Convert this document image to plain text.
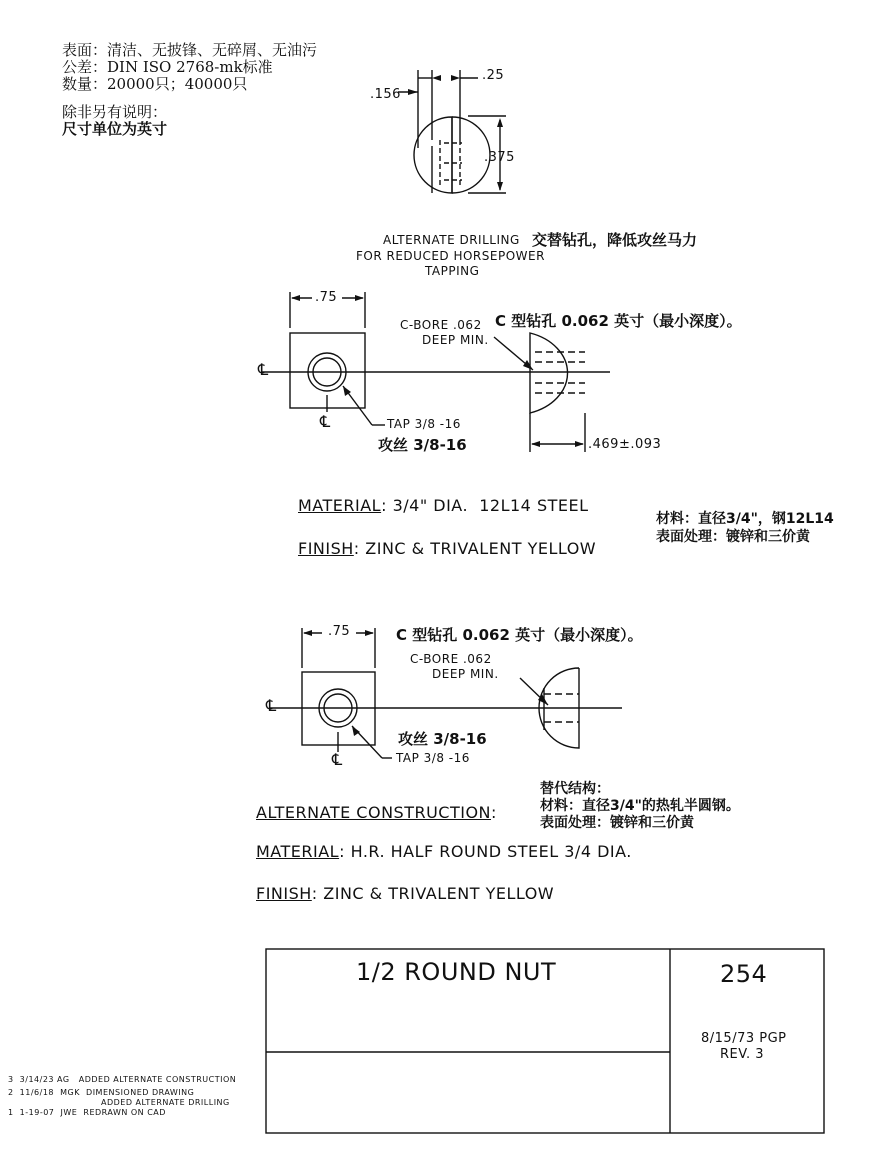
表面：清洁、无披锋、无碎屑、无油污
公差：DIN ISO 2768-mk标准
数量：20000只；40000只
除非另有说明：
尺寸单位为英寸
.156
.25
.375
ALTERNATE DRILLING 交替钻孔，降低攻丝马力
FOR REDUCED HORSEPOWER
TAPPING
.75
C 型钻孔 0.062 英寸（最小深度）。
C-BORE .062
DEEP MIN.
℄
℄	TAP 3/8 -16
攻丝 3/8-16	.469±.093
MATERIAL: 3/4" DIA.  12L14 STEEL
材料：直径3/4"，钢12L14
表面处理：镀锌和三价黄
FINISH: ZINC & TRIVALENT YELLOW
.75	C 型钻孔 0.062 英寸（最小深度）。
C-BORE .062
DEEP MIN.
℄
℄
攻丝 3/8-16
TAP 3/8 -16
替代结构：
材料：直径3/4"的热轧半圆钢。
表面处理：镀锌和三价黄
ALTERNATE CONSTRUCTION:
MATERIAL: H.R. HALF ROUND STEEL 3/4 DIA.
FINISH: ZINC & TRIVALENT YELLOW
1/2 ROUND NUT	254
8/15/73 PGP
REV. 3
3  3/14/23 AG   ADDED ALTERNATE CONSTRUCTION
2  11/6/18  MGK  DIMENSIONED DRAWING
ADDED ALTERNATE DRILLING
1  1-19-07  JWE  REDRAWN ON CAD
